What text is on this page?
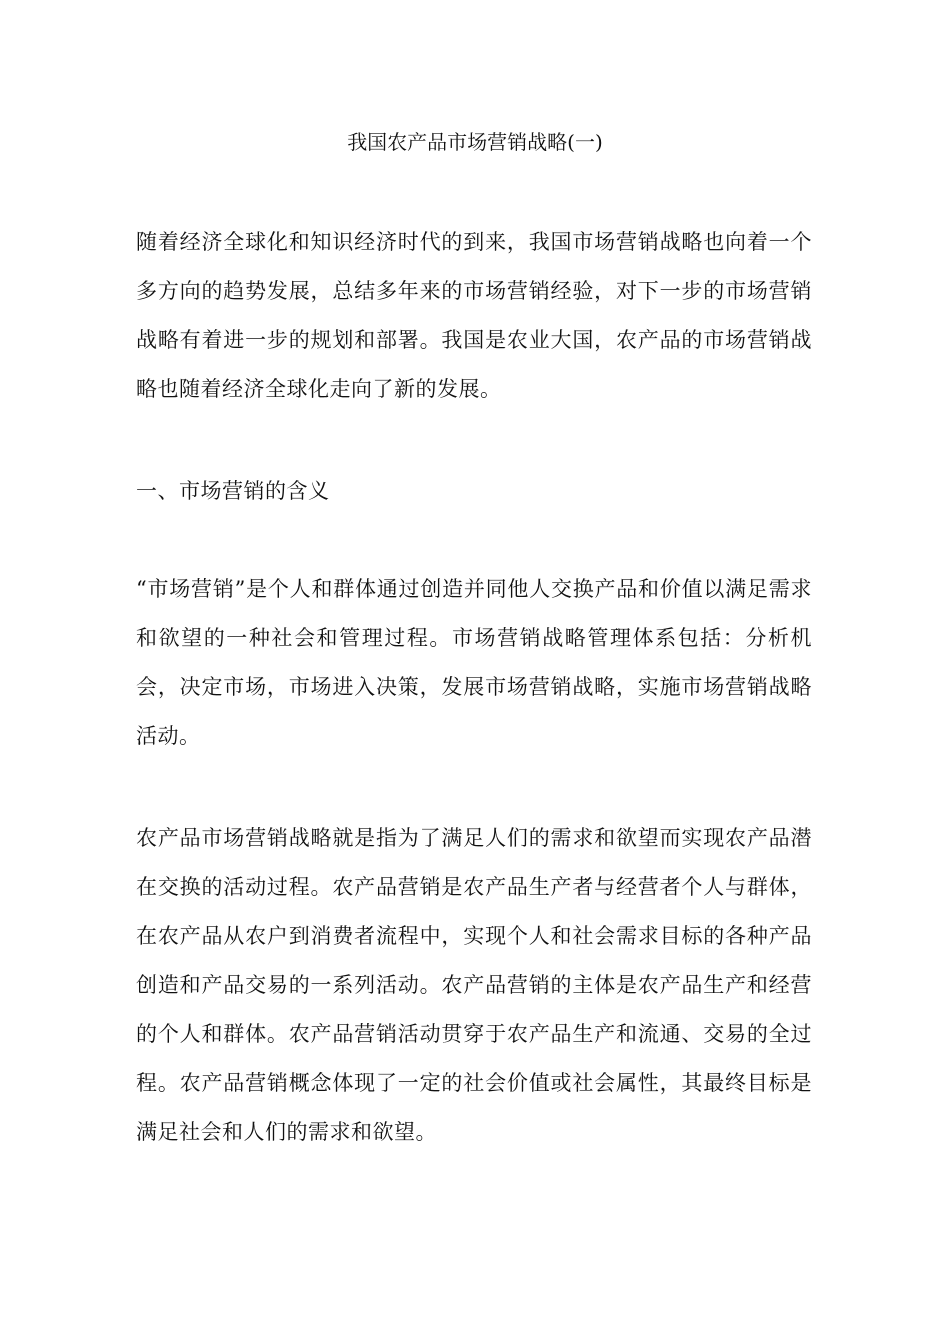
我国农产品市场营销战略(一)

随着经济全球化和知识经济时代的到来，我国市场营销战略也向着一个多方向的趋势发展，总结多年来的市场营销经验，对下一步的市场营销战略有着进一步的规划和部署。我国是农业大国，农产品的市场营销战略也随着经济全球化走向了新的发展。

一、市场营销的含义

“市场营销”是个人和群体通过创造并同他人交换产品和价值以满足需求和欲望的一种社会和管理过程。市场营销战略管理体系包括：分析机会，决定市场，市场进入决策，发展市场营销战略，实施市场营销战略活动。

农产品市场营销战略就是指为了满足人们的需求和欲望而实现农产品潜在交换的活动过程。农产品营销是农产品生产者与经营者个人与群体，在农产品从农户到消费者流程中，实现个人和社会需求目标的各种产品创造和产品交易的一系列活动。农产品营销的主体是农产品生产和经营的个人和群体。农产品营销活动贯穿于农产品生产和流通、交易的全过程。农产品营销概念体现了一定的社会价值或社会属性，其最终目标是满足社会和人们的需求和欲望。
